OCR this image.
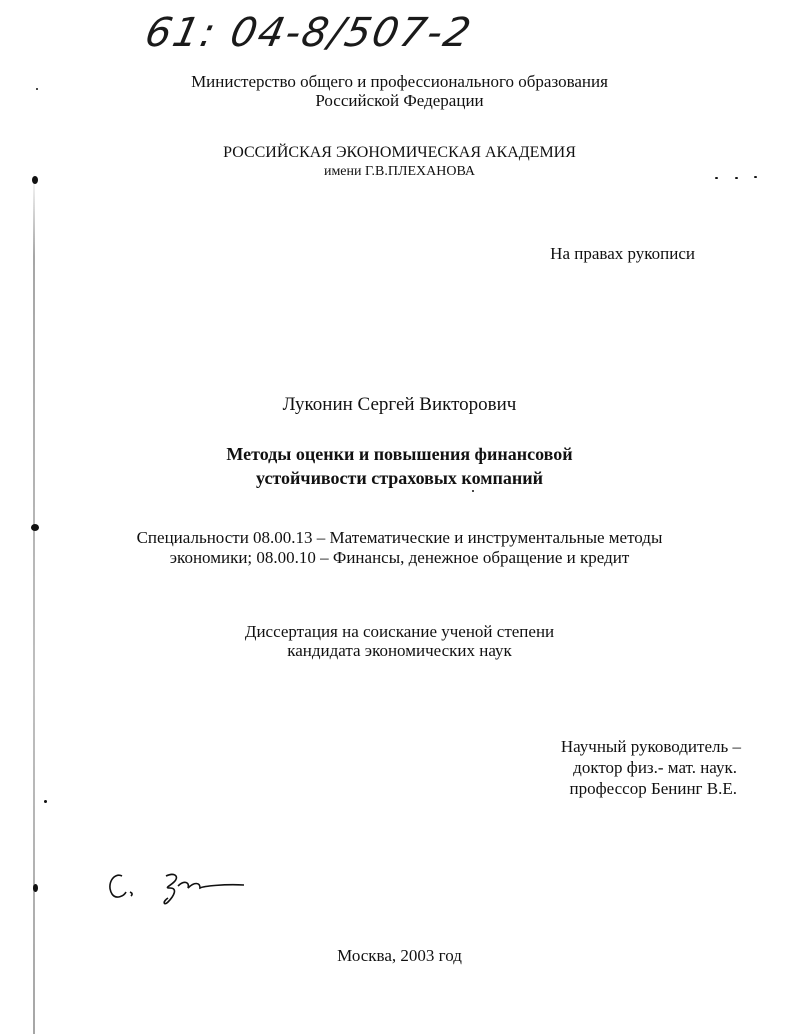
61: 04-8/507-2
Министерство общего и профессионального образования
Российской Федерации
РОССИЙСКАЯ ЭКОНОМИЧЕСКАЯ АКАДЕМИЯ
имени Г.В.ПЛЕХАНОВА
На правах рукописи
Луконин Сергей Викторович
Методы оценки и повышения финансовой
устойчивости страховых компаний
Специальности 08.00.13 – Математические и инструментальные методы
экономики; 08.00.10 – Финансы, денежное обращение и кредит
Диссертация на соискание ученой степени
кандидата экономических наук
Научный руководитель –
доктор физ.- мат. наук.
профессор Бенинг В.Е.
Москва, 2003 год
